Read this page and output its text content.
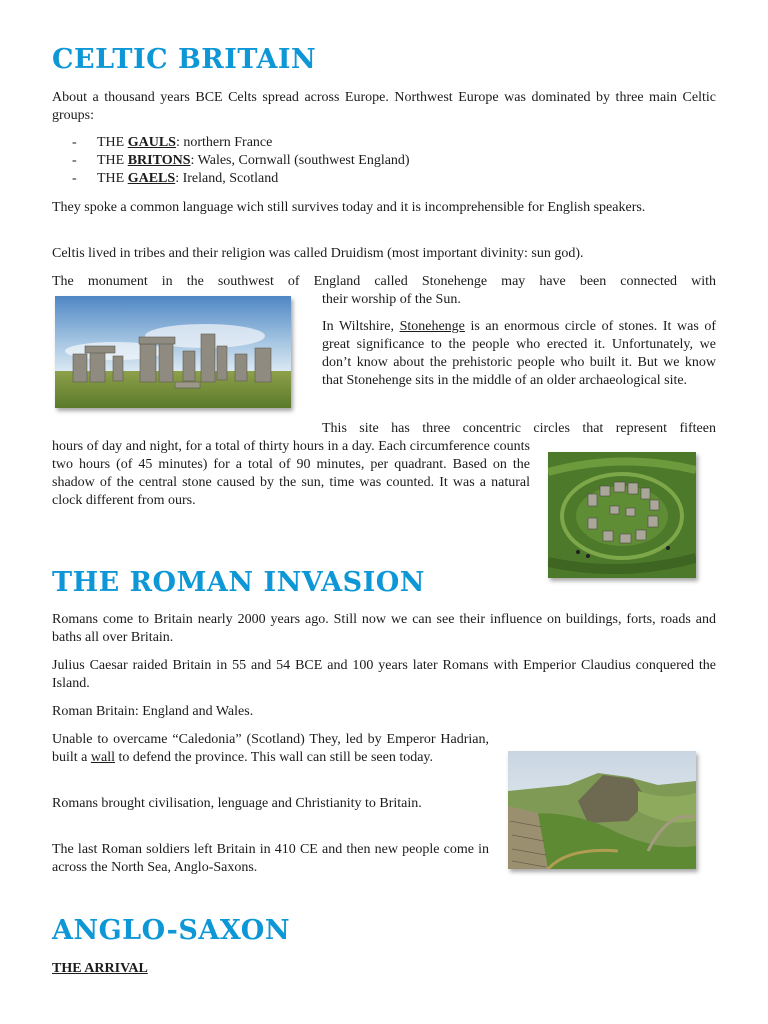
CELTIC BRITAIN

About a thousand years BCE Celts spread across Europe. Northwest Europe was dominated by three main Celtic groups:

- THE GAULS: northern France
- THE BRITONS: Wales, Cornwall (southwest England)
- THE GAELS: Ireland, Scotland

They spoke a common language wich still survives today and it is incomprehensible for English speakers.

Celtis lived in tribes and their religion was called Druidism (most important divinity: sun god).

The monument in the southwest of England called Stonehenge may have been connected with

their worship of the Sun.

In Wiltshire, Stonehenge is an enormous circle of stones. It was of great significance to the people who erected it. Unfortunately, we don’t know about the prehistoric people who built it. But we know that Stonehenge sits in the middle of an older archaeological site.

This site has three concentric circles that represent fifteen

hours of day and night, for a total of thirty hours in a day. Each circumference counts two hours (of 45 minutes) for a total of 90 minutes, per quadrant. Based on the shadow of the central stone caused by the sun, time was counted. It was a natural clock different from ours.

THE ROMAN INVASION

Romans come to Britain nearly 2000 years ago. Still now we can see their influence on buildings, forts, roads and baths all over Britain.

Julius Caesar raided Britain in 55 and 54 BCE and 100 years later Romans with Emperior Claudius conquered the Island.

Roman Britain: England and Wales.

Unable to overcame “Caledonia” (Scotland) They, led by Emperor Hadrian, built a wall to defend the province. This wall can still be seen today.

Romans brought civilisation, lenguage and Christianity to Britain.

The last Roman soldiers left Britain in 410 CE and then new people come in across the North Sea, Anglo-Saxons.

ANGLO-SAXON
THE ARRIVAL
